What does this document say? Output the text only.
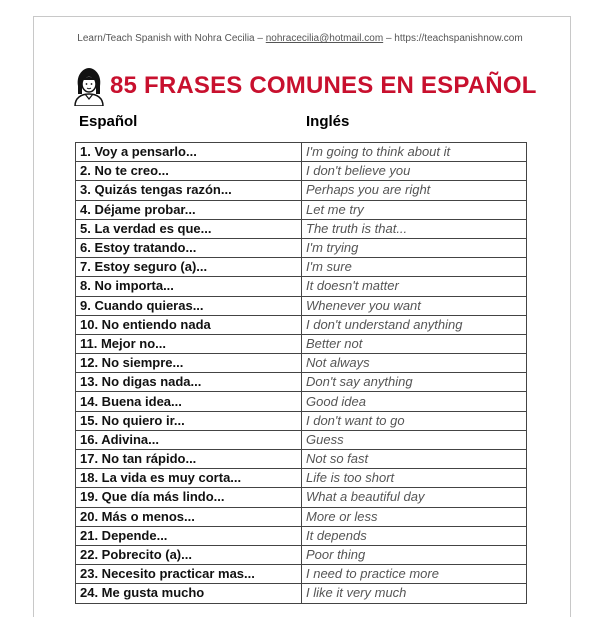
Learn/Teach Spanish with Nohra Cecilia – nohracecilia@hotmail.com – https://teachspanishnow.com
85 FRASES COMUNES EN ESPAÑOL
Español	Inglés
1. Voy a pensarlo...	I'm going to think about it
2. No te creo...	I don't believe you
3. Quizás tengas razón...	Perhaps you are right
4. Déjame probar...	Let me try
5. La verdad es que...	The truth is that...
6. Estoy tratando...	I'm trying
7. Estoy seguro (a)...	I'm sure
8. No importa...	It doesn't matter
9. Cuando quieras...	Whenever you want
10. No entiendo nada	I don't understand anything
11. Mejor no...	Better not
12. No siempre...	Not always
13. No digas nada...	Don't say anything
14. Buena idea...	Good idea
15. No quiero ir...	I don't want to go
16. Adivina...	Guess
17. No tan rápido...	Not so fast
18. La vida es muy corta...	Life is too short
19. Que día más lindo...	What a beautiful day
20. Más o menos...	More or less
21. Depende...	It depends
22. Pobrecito (a)...	Poor thing
23. Necesito practicar mas...	I need to practice more
24. Me gusta mucho	I like it very much
